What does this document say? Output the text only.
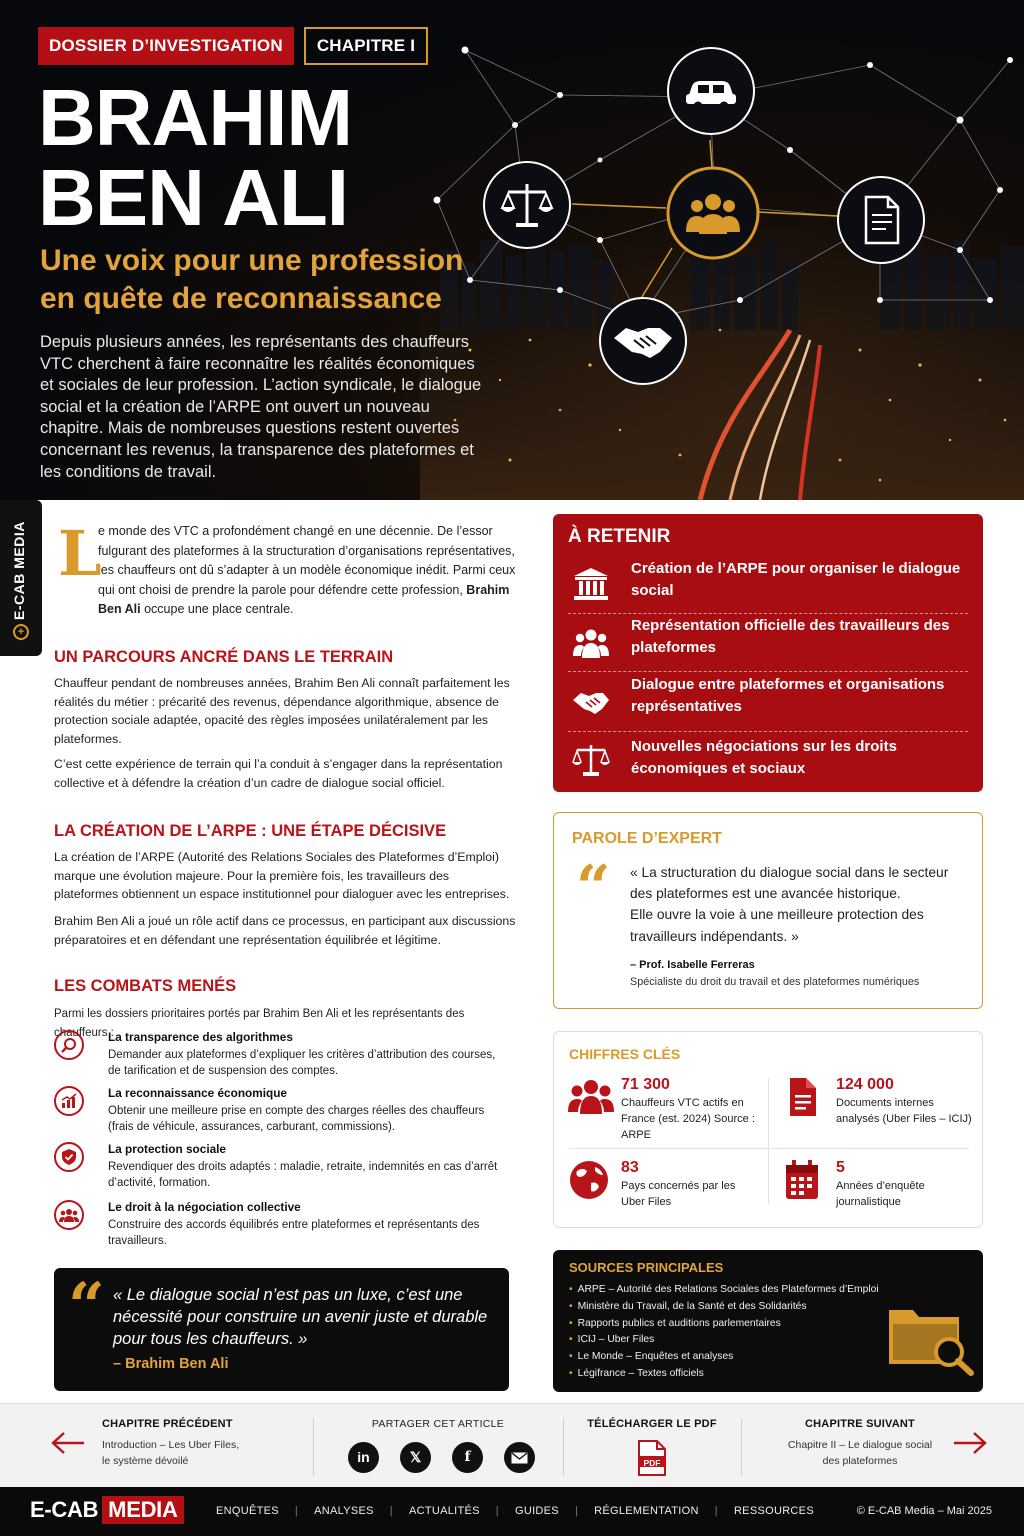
DOSSIER D’INVESTIGATION	CHAPITRE I
BRAHIM
BEN ALI
Une voix pour une profession
en quête de reconnaissance

Depuis plusieurs années, les représentants des chauffeurs VTC cherchent à faire reconnaître les réalités économiques et sociales de leur profession. L’action syndicale, le dialogue social et la création de l’ARPE ont ouvert un nouveau chapitre. Mais de nombreuses questions restent ouvertes concernant les revenus, la transparence des plateformes et les conditions de travail.

E-CAB MEDIA
+
L

e monde des VTC a profondément changé en une décennie. De l’essor fulgurant des plateformes à la structuration d’organisations représentatives, les chauffeurs ont dû s’adapter à un modèle économique inédit. Parmi ceux qui ont choisi de prendre la parole pour défendre cette profession, Brahim Ben Ali occupe une place centrale.

UN PARCOURS ANCRÉ DANS LE TERRAIN

Chauffeur pendant de nombreuses années, Brahim Ben Ali connaît parfaitement les réalités du métier : précarité des revenus, dépendance algorithmique, absence de protection sociale adaptée, opacité des règles imposées unilatéralement par les plateformes.

C’est cette expérience de terrain qui l’a conduit à s’engager dans la représentation collective et à défendre la création d’un cadre de dialogue social officiel.

LA CRÉATION DE L’ARPE : UNE ÉTAPE DÉCISIVE

La création de l’ARPE (Autorité des Relations Sociales des Plateformes d’Emploi) marque une évolution majeure. Pour la première fois, les travailleurs des plateformes obtiennent un espace institutionnel pour dialoguer avec les entreprises.

Brahim Ben Ali a joué un rôle actif dans ce processus, en participant aux discussions préparatoires et en défendant une représentation équilibrée et légitime.

LES COMBATS MENÉS

Parmi les dossiers prioritaires portés par Brahim Ben Ali et les représentants des chauffeurs :

La transparence des algorithmes
Demander aux plateformes d’expliquer les critères d’attribution des courses, de tarification et de suspension des comptes.
La reconnaissance économique
Obtenir une meilleure prise en compte des charges réelles des chauffeurs (frais de véhicule, assurances, carburant, commissions).
La protection sociale
Revendiquer des droits adaptés : maladie, retraite, indemnités en cas d’arrêt d’activité, formation.
Le droit à la négociation collective
Construire des accords équilibrés entre plateformes et représentants des travailleurs.
“ « Le dialogue social n’est pas un luxe, c’est une nécessité pour construire un avenir juste et durable pour tous les chauffeurs. »

– Brahim Ben Ali
À RETENIR
Création de l’ARPE pour organiser le dialogue social
Représentation officielle des travailleurs des plateformes
Dialogue entre plateformes et organisations représentatives
Nouvelles négociations sur les droits économiques et sociaux
PAROLE D’EXPERT
“ « La structuration du dialogue social dans le secteur des plateformes est une avancée historique.
Elle ouvre la voie à une meilleure protection des travailleurs indépendants. »
– Prof. Isabelle Ferreras
Spécialiste du droit du travail et des plateformes numériques
CHIFFRES CLÉS
71 300
Chauffeurs VTC actifs en France (est. 2024) Source : ARPE
124 000
Documents internes analysés (Uber Files – ICIJ)
83
Pays concernés par les Uber Files
5
Années d’enquête journalistique
SOURCES PRINCIPALES
• ARPE – Autorité des Relations Sociales des Plateformes d’Emploi
• Ministère du Travail, de la Santé et des Solidarités
• Rapports publics et auditions parlementaires
• ICIJ – Uber Files
• Le Monde – Enquêtes et analyses
• Légifrance – Textes officiels
CHAPITRE PRÉCÉDENT
Introduction – Les Uber Files,
le système dévoilé
PARTAGER CET ARTICLE
in	𝕏	f
TÉLÉCHARGER LE PDF
PDF
CHAPITRE SUIVANT
Chapitre II – Le dialogue social
des plateformes
E-CAB MEDIA	ENQUÊTES | ANALYSES | ACTUALITÉS | GUIDES | RÉGLEMENTATION | RESSOURCES	© E-CAB Media – Mai 2025
